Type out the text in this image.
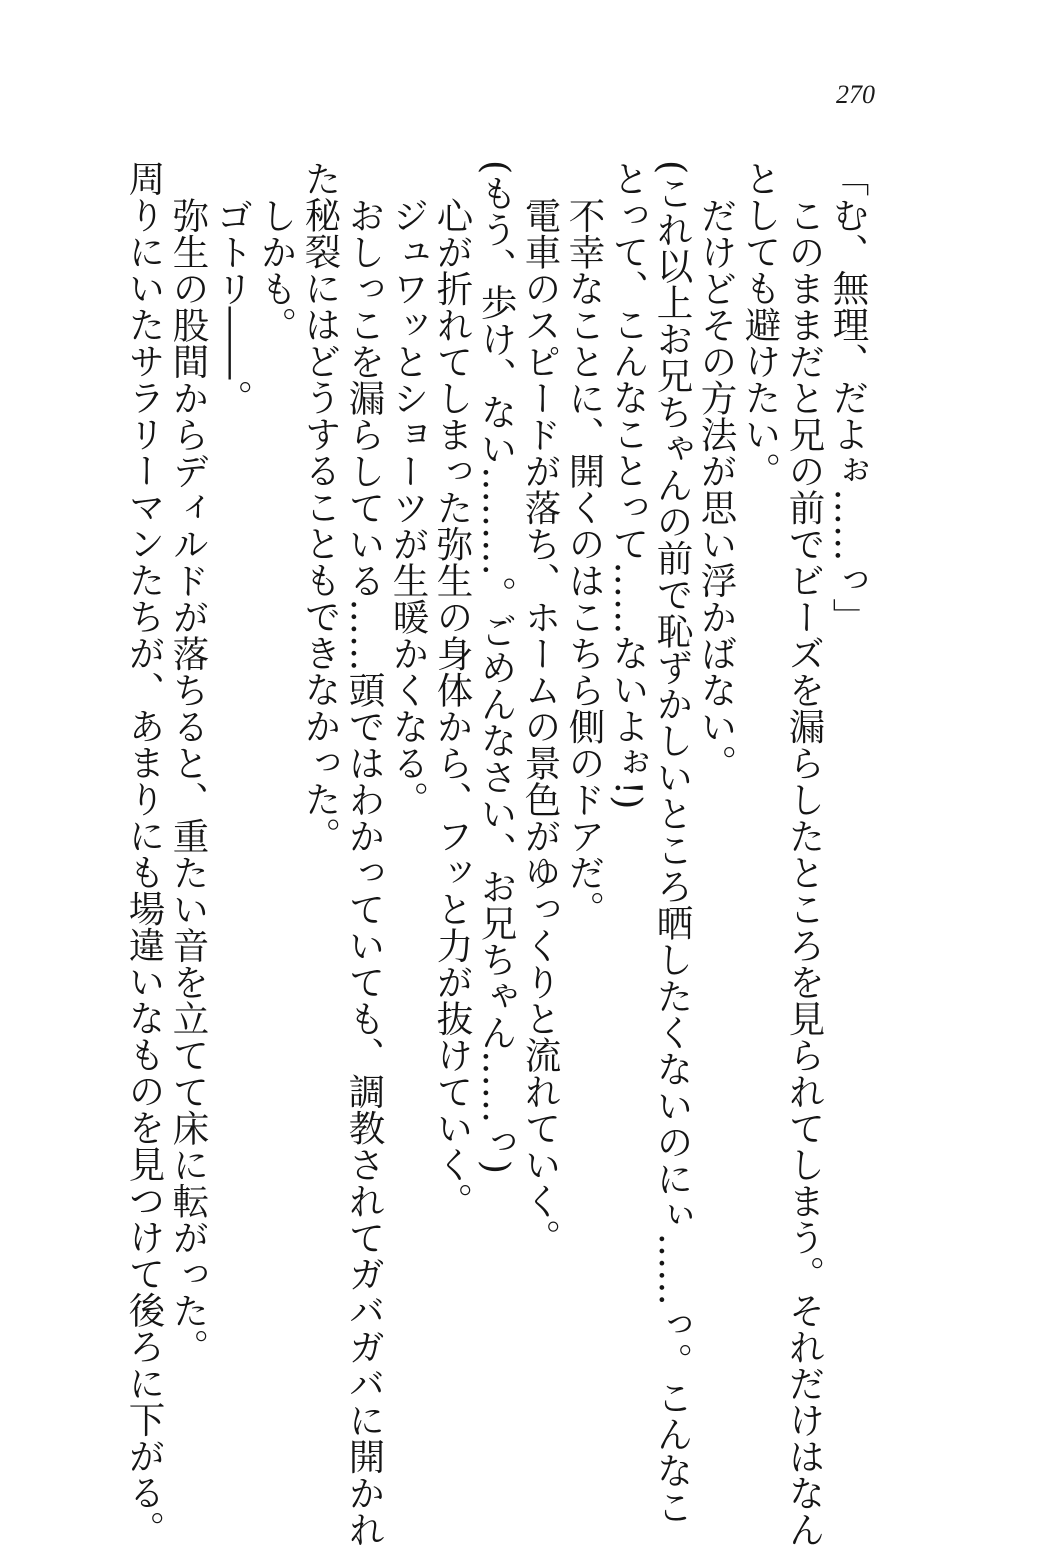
270
「む、無理、だよぉ……っ」
このままだと兄の前でビーズを漏らしたところを見られてしまう。それだけはなん
としても避けたい。
だけどその方法が思い浮かばない。
(これ以上お兄ちゃんの前で恥ずかしいところ晒したくないのにぃ……っ。こんなこ
とって、こんなことって……ないよぉ!)
不幸なことに、開くのはこちら側のドアだ。
電車のスピードが落ち、ホームの景色がゆっくりと流れていく。
(もう、歩け、ない………。ごめんなさい、お兄ちゃん……っ)
心が折れてしまった弥生の身体から、フッと力が抜けていく。
ジュワッとショーツが生暖かくなる。
おしっこを漏らしている……頭ではわかっていても、調教されてガバガバに開かれ
た秘裂にはどうすることもできなかった。
しかも。
ゴトリ――。
弥生の股間からディルドが落ちると、重たい音を立てて床に転がった。
周りにいたサラリーマンたちが、あまりにも場違いなものを見つけて後ろに下がる。
